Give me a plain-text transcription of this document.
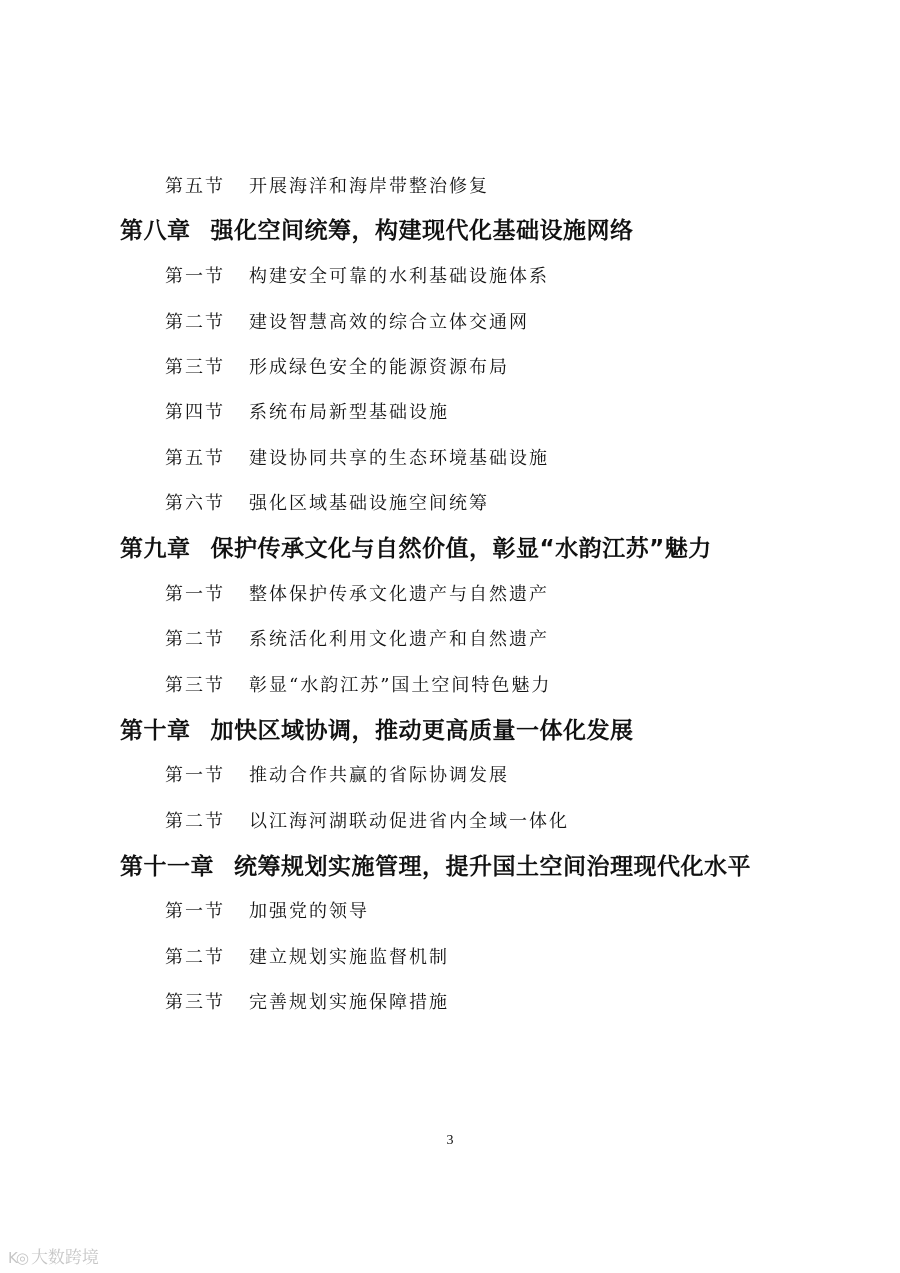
第五节 开展海洋和海岸带整治修复
第八章 强化空间统筹，构建现代化基础设施网络
第一节 构建安全可靠的水利基础设施体系
第二节 建设智慧高效的综合立体交通网
第三节 形成绿色安全的能源资源布局
第四节 系统布局新型基础设施
第五节 建设协同共享的生态环境基础设施
第六节 强化区域基础设施空间统筹
第九章 保护传承文化与自然价值，彰显“水韵江苏”魅力
第一节 整体保护传承文化遗产与自然遗产
第二节 系统活化利用文化遗产和自然遗产
第三节 彰显“水韵江苏”国土空间特色魅力
第十章 加快区域协调，推动更高质量一体化发展
第一节 推动合作共赢的省际协调发展
第二节 以江海河湖联动促进省内全域一体化
第十一章 统筹规划实施管理，提升国土空间治理现代化水平
第一节 加强党的领导
第二节 建立规划实施监督机制
第三节 完善规划实施保障措施
3
K◎ 大数跨境
